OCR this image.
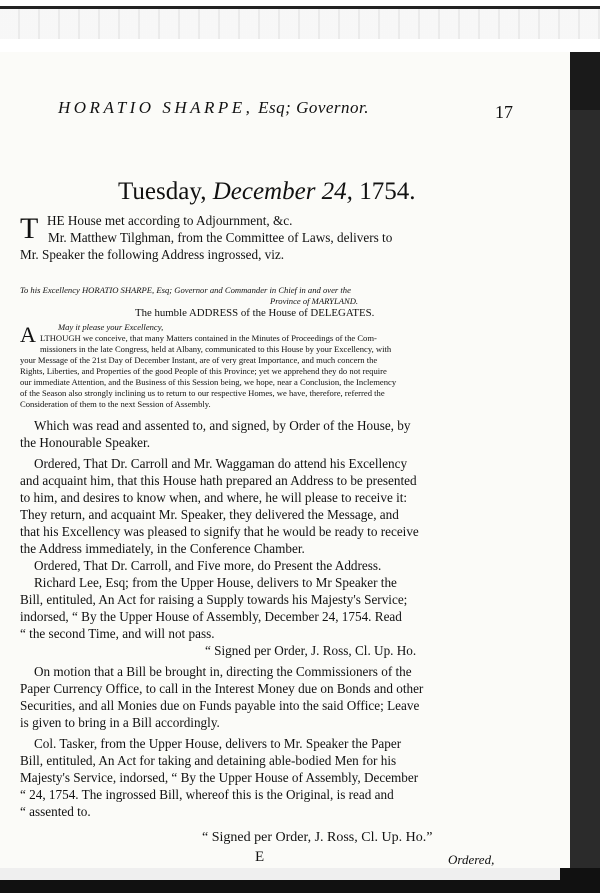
HORATIO SHARPE, Esq; Governor.	17
Tuesday, December 24, 1754.
T HE House met according to Adjournment, &c.
Mr. Matthew Tilghman, from the Committee of Laws, delivers to
Mr. Speaker the following Address ingrossed, viz.
To his Excellency HORATIO SHARPE, Esq; Governor and Commander in Chief in and over the
Province of MARYLAND.
The humble ADDRESS of the House of DELEGATES.
May it please your Excellency,
A LTHOUGH we conceive, that many Matters contained in the Minutes of Proceedings of the Com-
missioners in the late Congress, held at Albany, communicated to this House by your Excellency, with
your Message of the 21st Day of December Instant, are of very great Importance, and much concern the
Rights, Liberties, and Properties of the good People of this Province; yet we apprehend they do not require
our immediate Attention, and the Business of this Session being, we hope, near a Conclusion, the Inclemency
of the Season also strongly inclining us to return to our respective Homes, we have, therefore, referred the
Consideration of them to the next Session of Assembly.
Which was read and assented to, and signed, by Order of the House, by
the Honourable Speaker.
Ordered, That Dr. Carroll and Mr. Waggaman do attend his Excellency
and acquaint him, that this House hath prepared an Address to be presented
to him, and desires to know when, and where, he will please to receive it:
They return, and acquaint Mr. Speaker, they delivered the Message, and
that his Excellency was pleased to signify that he would be ready to receive
the Address immediately, in the Conference Chamber.
Ordered, That Dr. Carroll, and Five more, do Present the Address.
Richard Lee, Esq; from the Upper House, delivers to Mr Speaker the
Bill, entituled, An Act for raising a Supply towards his Majesty's Service;
indorsed, “ By the Upper House of Assembly, December 24, 1754. Read
“ the second Time, and will not pass.
“ Signed per Order, J. Ross, Cl. Up. Ho.
On motion that a Bill be brought in, directing the Commissioners of the
Paper Currency Office, to call in the Interest Money due on Bonds and other
Securities, and all Monies due on Funds payable into the said Office; Leave
is given to bring in a Bill accordingly.
Col. Tasker, from the Upper House, delivers to Mr. Speaker the Paper
Bill, entituled, An Act for taking and detaining able-bodied Men for his
Majesty's Service, indorsed, “ By the Upper House of Assembly, December
“ 24, 1754. The ingrossed Bill, whereof this is the Original, is read and
“ assented to.
“ Signed per Order, J. Ross, Cl. Up. Ho.”
E	Ordered,
